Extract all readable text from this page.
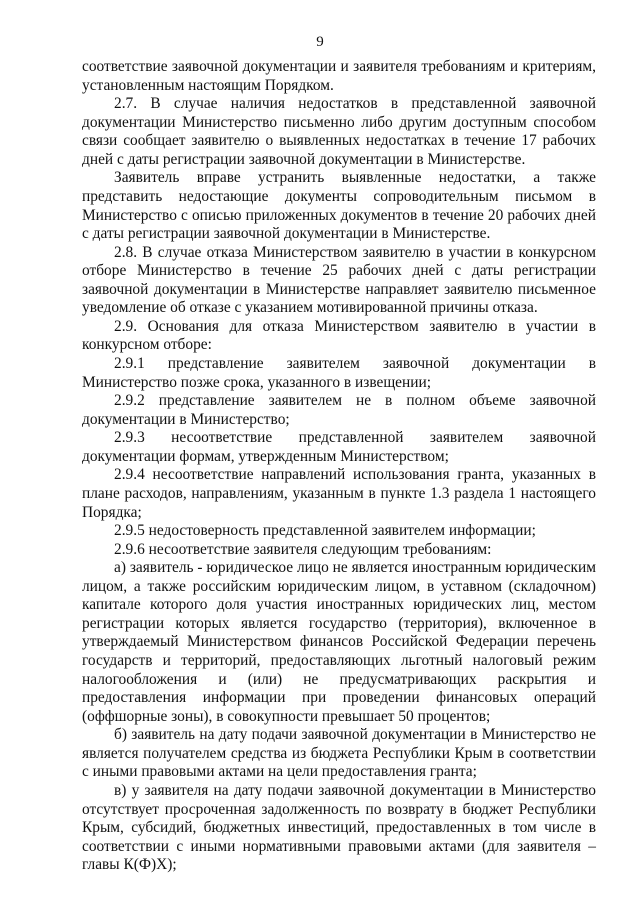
9

соответствие заявочной документации и заявителя требованиям и критериям, установленным настоящим Порядком.

2.7. В случае наличия недостатков в представленной заявочной документации Министерство письменно либо другим доступным способом связи сообщает заявителю о выявленных недостатках в течение 17 рабочих дней с даты регистрации заявочной документации в Министерстве.

Заявитель вправе устранить выявленные недостатки, а также представить недостающие документы сопроводительным письмом в Министерство с описью приложенных документов в течение 20 рабочих дней с даты регистрации заявочной документации в Министерстве.

2.8. В случае отказа Министерством заявителю в участии в конкурсном отборе Министерство в течение 25 рабочих дней с даты регистрации заявочной документации в Министерстве направляет заявителю письменное уведомление об отказе с указанием мотивированной причины отказа.

2.9. Основания для отказа Министерством заявителю в участии в конкурсном отборе:

2.9.1 представление заявителем заявочной документации в Министерство позже срока, указанного в извещении;

2.9.2 представление заявителем не в полном объеме заявочной документации в Министерство;

2.9.3 несоответствие представленной заявителем заявочной документации формам, утвержденным Министерством;

2.9.4 несоответствие направлений использования гранта, указанных в плане расходов, направлениям, указанным в пункте 1.3 раздела 1 настоящего Порядка;

2.9.5 недостоверность представленной заявителем информации;

2.9.6 несоответствие заявителя следующим требованиям:

а) заявитель - юридическое лицо не является иностранным юридическим лицом, а также российским юридическим лицом, в уставном (складочном) капитале которого доля участия иностранных юридических лиц, местом регистрации которых является государство (территория), включенное в утверждаемый Министерством финансов Российской Федерации перечень государств и территорий, предоставляющих льготный налоговый режим налогообложения и (или) не предусматривающих раскрытия и предоставления информации при проведении финансовых операций (оффшорные зоны), в совокупности превышает 50 процентов;

б) заявитель на дату подачи заявочной документации в Министерство не является получателем средства из бюджета Республики Крым в соответствии с иными правовыми актами на цели предоставления гранта;

в) у заявителя на дату подачи заявочной документации в Министерство отсутствует просроченная задолженность по возврату в бюджет Республики Крым, субсидий, бюджетных инвестиций, предоставленных в том числе в соответствии с иными нормативными правовыми актами (для заявителя – главы К(Ф)Х);
